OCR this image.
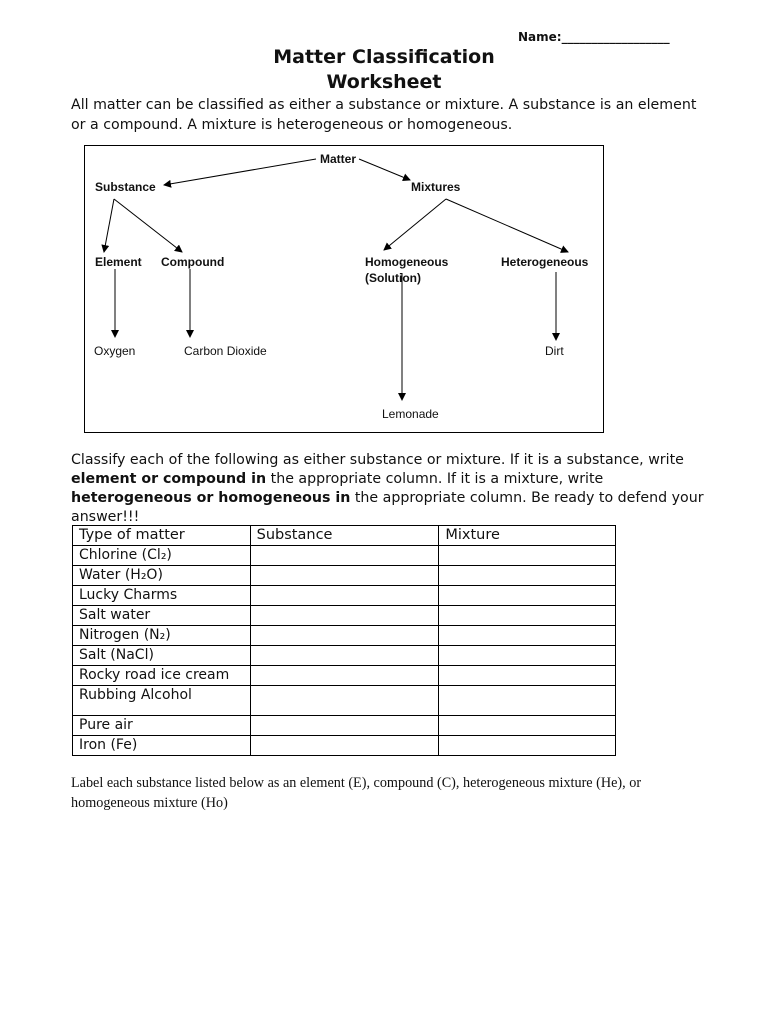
Name:__________________
Matter Classification
Worksheet
All matter can be classified as either a substance or mixture. A substance is an element or a compound. A mixture is heterogeneous or homogeneous.
Matter
Substance	Mixtures
Element Compound	Homogeneous
(Solution)
Heterogeneous
Oxygen	Carbon Dioxide	Dirt
Lemonade
Classify each of the following as either substance or mixture. If it is a substance, write element or compound in the appropriate column. If it is a mixture, write heterogeneous or homogeneous in the appropriate column. Be ready to defend your answer!!!
Type of matter	Substance	Mixture
Chlorine (Cl₂)		
Water (H₂O)		
Lucky Charms		
Salt water		
Nitrogen (N₂)		
Salt (NaCl)		
Rocky road ice cream		
Rubbing Alcohol		
Pure air		
Iron (Fe)		
Label each substance listed below as an element (E), compound (C), heterogeneous mixture (He), or homogeneous mixture (Ho)
